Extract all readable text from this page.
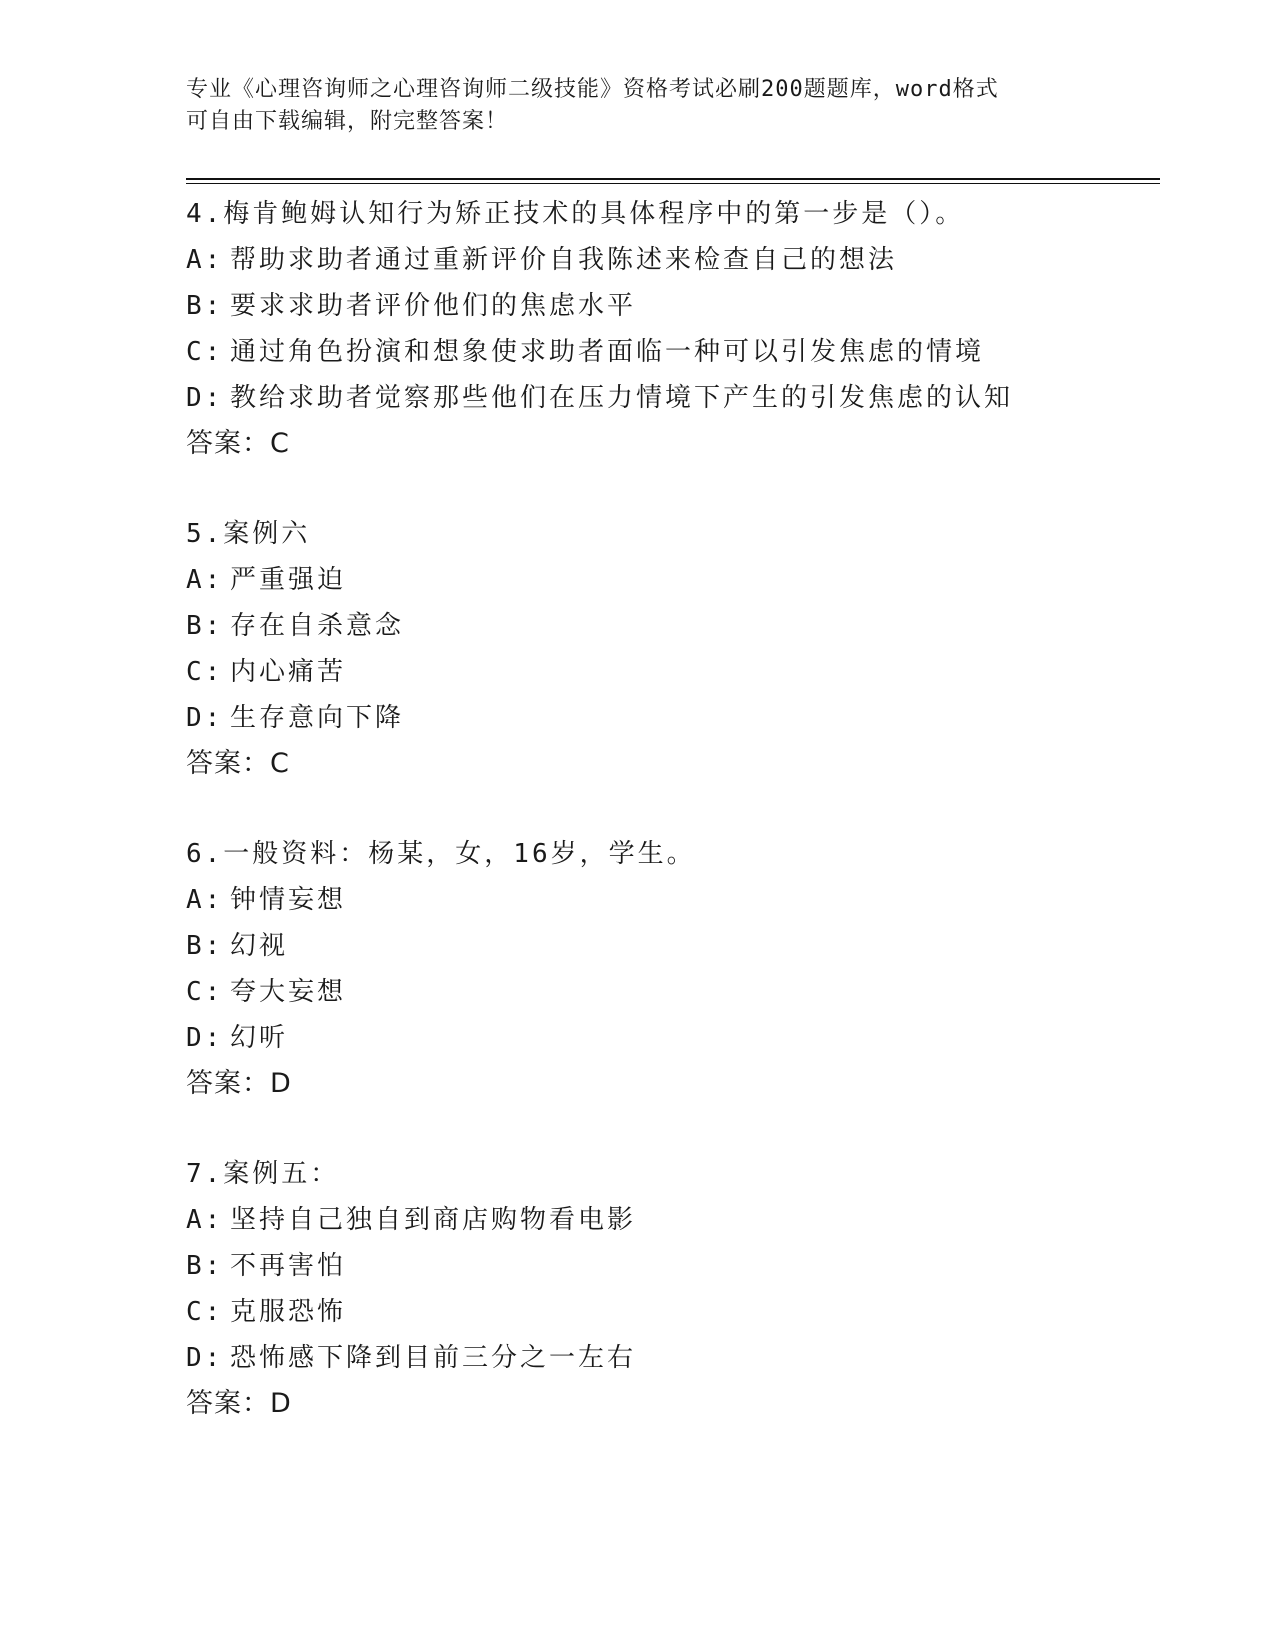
专业《心理咨询师之心理咨询师二级技能》资格考试必刷200题题库，word格式
可自由下载编辑，附完整答案！
4.梅肯鲍姆认知行为矫正技术的具体程序中的第一步是（）。
A: 帮助求助者通过重新评价自我陈述来检查自己的想法
B: 要求求助者评价他们的焦虑水平
C: 通过角色扮演和想象使求助者面临一种可以引发焦虑的情境
D: 教给求助者觉察那些他们在压力情境下产生的引发焦虑的认知
答案：C
5.案例六
A: 严重强迫
B: 存在自杀意念
C: 内心痛苦
D: 生存意向下降
答案：C
6.一般资料：杨某，女，16岁，学生。
A: 钟情妄想
B: 幻视
C: 夸大妄想
D: 幻听
答案：D
7.案例五：
A: 坚持自己独自到商店购物看电影
B: 不再害怕
C: 克服恐怖
D: 恐怖感下降到目前三分之一左右
答案：D
